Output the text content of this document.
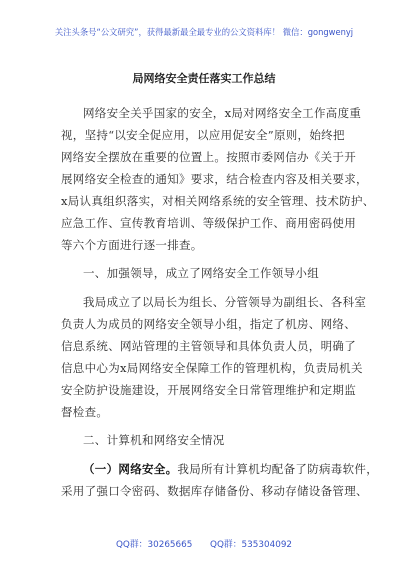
关注头条号“公文研究”，获得最新最全最专业的公文资料库！ 微信：gongwenyj
局网络安全责任落实工作总结
网络安全关乎国家的安全，x局对网络安全工作高度重
视，坚持“以安全促应用，以应用促安全”原则，始终把
网络安全摆放在重要的位置上。按照市委网信办《关于开
展网络安全检查的通知》要求，结合检查内容及相关要求，
x局认真组织落实，对相关网络系统的安全管理、技术防护、
应急工作、宣传教育培训、等级保护工作、商用密码使用
等六个方面进行逐一排查。
一、加强领导，成立了网络安全工作领导小组
我局成立了以局长为组长、分管领导为副组长、各科室
负责人为成员的网络安全领导小组，指定了机房、网络、
信息系统、网站管理的主管领导和具体负责人员，明确了
信息中心为x局网络安全保障工作的管理机构，负责局机关
安全防护设施建设，开展网络安全日常管理维护和定期监
督检查。
二、计算机和网络安全情况
（一）网络安全。我局所有计算机均配备了防病毒软件，
采用了强口令密码、数据库存储备份、移动存储设备管理、
QQ群：30265665 QQ群：535304092
